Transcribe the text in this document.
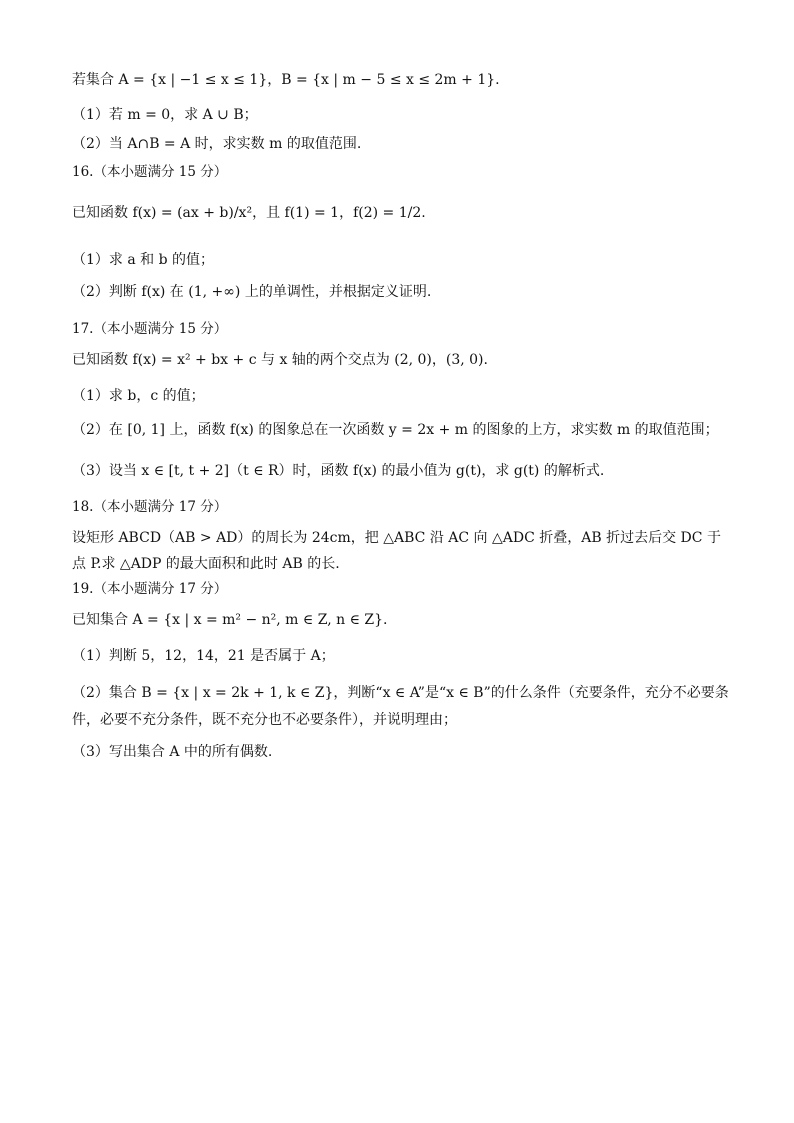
若集合 A = {x | −1 ≤ x ≤ 1}，B = {x | m − 5 ≤ x ≤ 2m + 1}.
（1）若 m = 0，求 A ∪ B；
（2）当 A∩B = A 时，求实数 m 的取值范围.
16.（本小题满分 15 分）
已知函数 f(x) = (ax + b)/x²，且 f(1) = 1，f(2) = 1/2.
（1）求 a 和 b 的值；
（2）判断 f(x) 在 (1, +∞) 上的单调性，并根据定义证明.
17.（本小题满分 15 分）
已知函数 f(x) = x² + bx + c 与 x 轴的两个交点为 (2, 0)，(3, 0).
（1）求 b，c 的值；
（2）在 [0, 1] 上，函数 f(x) 的图象总在一次函数 y = 2x + m 的图象的上方，求实数 m 的取值范围；
（3）设当 x ∈ [t, t + 2]（t ∈ R）时，函数 f(x) 的最小值为 g(t)，求 g(t) 的解析式.
18.（本小题满分 17 分）
设矩形 ABCD（AB > AD）的周长为 24cm，把 △ABC 沿 AC 向 △ADC 折叠，AB 折过去后交 DC 于点 P.求 △ADP 的最大面积和此时 AB 的长.
19.（本小题满分 17 分）
已知集合 A = {x | x = m² − n², m ∈ Z, n ∈ Z}.
（1）判断 5，12，14，21 是否属于 A；
（2）集合 B = {x | x = 2k + 1, k ∈ Z}，判断“x ∈ A”是“x ∈ B”的什么条件（充要条件，充分不必要条件，必要不充分条件，既不充分也不必要条件），并说明理由；
（3）写出集合 A 中的所有偶数.
